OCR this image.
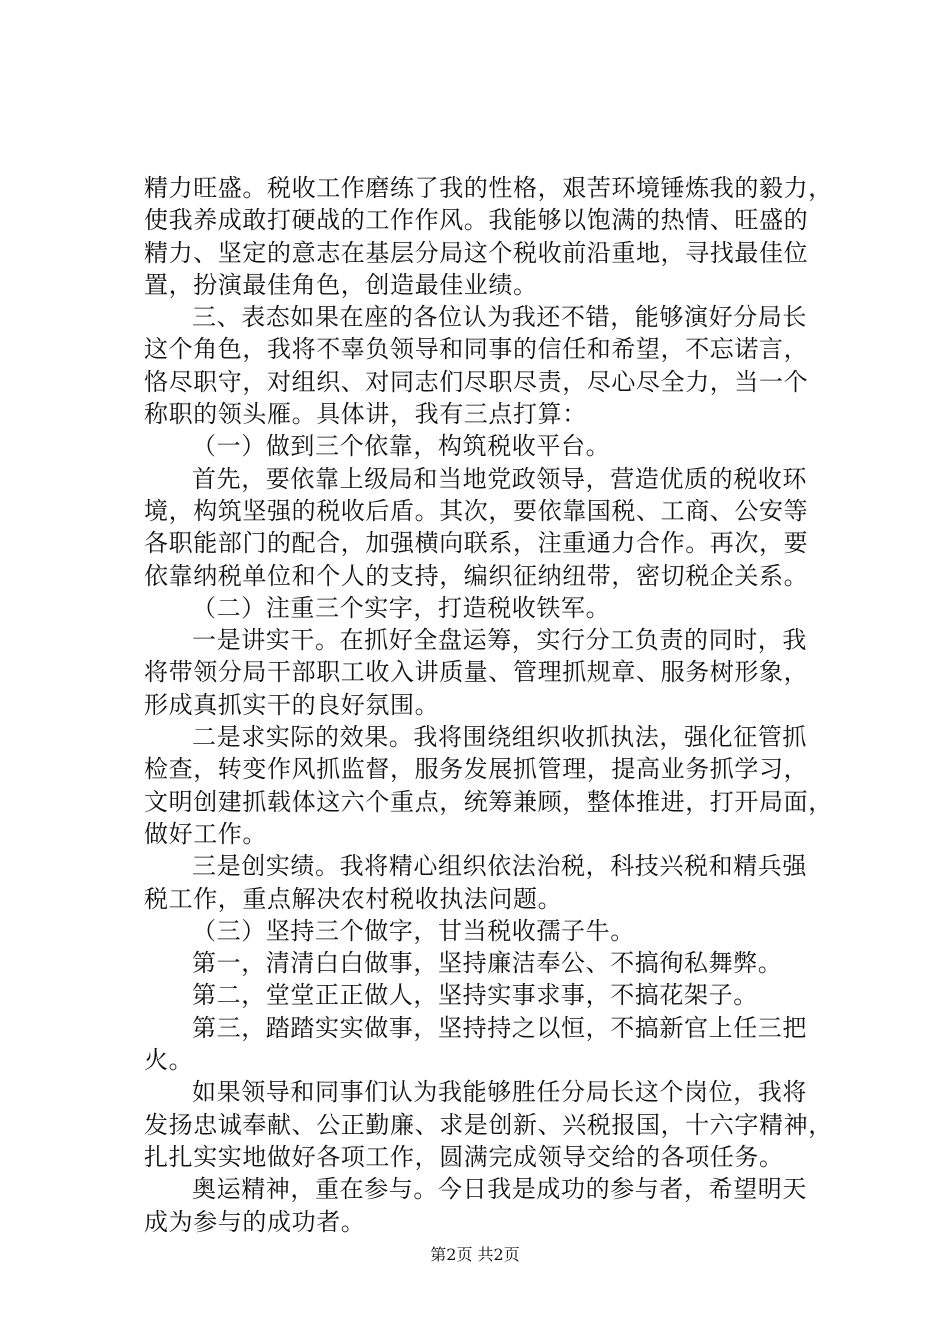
精力旺盛。税收工作磨练了我的性格，艰苦环境锤炼我的毅力，
使我养成敢打硬战的工作作风。我能够以饱满的热情、旺盛的
精力、坚定的意志在基层分局这个税收前沿重地，寻找最佳位
置，扮演最佳角色，创造最佳业绩。
三、表态如果在座的各位认为我还不错，能够演好分局长
这个角色，我将不辜负领导和同事的信任和希望，不忘诺言，
恪尽职守，对组织、对同志们尽职尽责，尽心尽全力，当一个
称职的领头雁。具体讲，我有三点打算：
（一）做到三个依靠，构筑税收平台。
首先，要依靠上级局和当地党政领导，营造优质的税收环
境，构筑坚强的税收后盾。其次，要依靠国税、工商、公安等
各职能部门的配合，加强横向联系，注重通力合作。再次，要
依靠纳税单位和个人的支持，编织征纳纽带，密切税企关系。
（二）注重三个实字，打造税收铁军。
一是讲实干。在抓好全盘运筹，实行分工负责的同时，我
将带领分局干部职工收入讲质量、管理抓规章、服务树形象，
形成真抓实干的良好氛围。
二是求实际的效果。我将围绕组织收抓执法，强化征管抓
检查，转变作风抓监督，服务发展抓管理，提高业务抓学习，
文明创建抓载体这六个重点，统筹兼顾，整体推进，打开局面，
做好工作。
三是创实绩。我将精心组织依法治税，科技兴税和精兵强
税工作，重点解决农村税收执法问题。
（三）坚持三个做字，甘当税收孺子牛。
第一，清清白白做事，坚持廉洁奉公、不搞徇私舞弊。
第二，堂堂正正做人，坚持实事求事，不搞花架子。
第三，踏踏实实做事，坚持持之以恒，不搞新官上任三把
火。
如果领导和同事们认为我能够胜任分局长这个岗位，我将
发扬忠诚奉献、公正勤廉、求是创新、兴税报国，十六字精神，
扎扎实实地做好各项工作，圆满完成领导交给的各项任务。
奥运精神，重在参与。今日我是成功的参与者，希望明天
成为参与的成功者。
第2页 共2页
